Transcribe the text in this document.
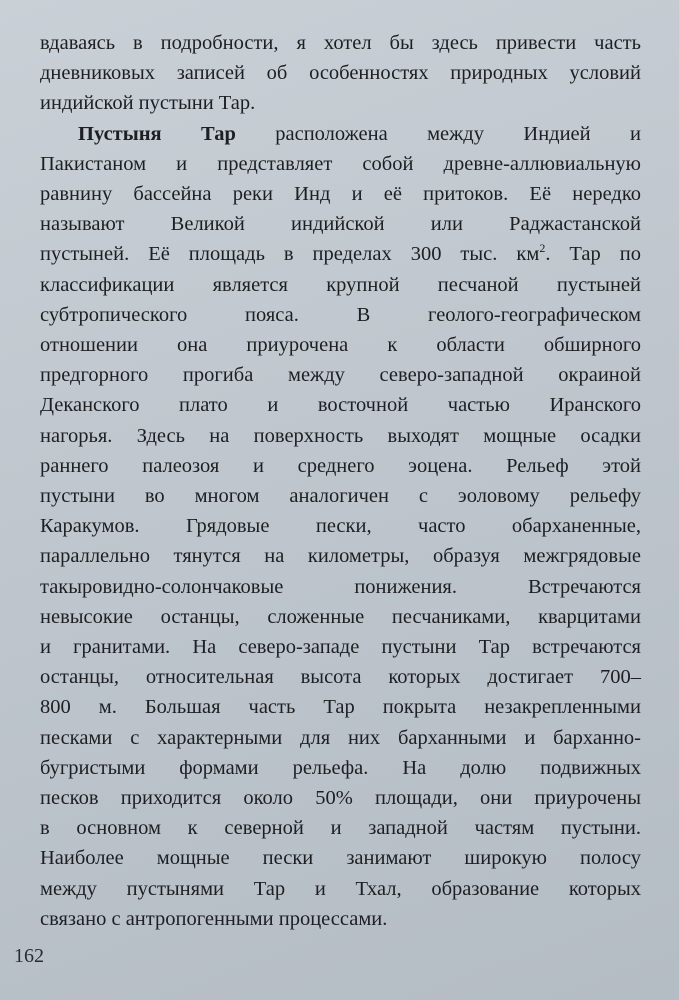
вдаваясь в подробности, я хотел бы здесь привести часть
дневниковых записей об особенностях природных условий
индийской пустыни Тар.
Пустыня Тар расположена между Индией и
Пакистаном и представляет собой древне-аллювиальную
равнину бассейна реки Инд и её притоков. Её нередко
называют Великой индийской или Раджастанской
пустыней. Её площадь в пределах 300 тыс. $км^2$. Тар по
классификации является крупной песчаной пустыней
субтропического пояса. В геолого-географическом
отношении она приурочена к области обширного
предгорного прогиба между северо-западной окраиной
Деканского плато и восточной частью Иранского
нагорья. Здесь на поверхность выходят мощные осадки
раннего палеозоя и среднего эоцена. Рельеф этой
пустыни во многом аналогичен с эоловому рельефу
Каракумов. Грядовые пески, часто обарханенные,
параллельно тянутся на километры, образуя межгрядовые
такыровидно-солончаковые понижения. Встречаются
невысокие останцы, сложенные песчаниками, кварцитами
и гранитами. На северо-западе пустыни Тар встречаются
останцы, относительная высота которых достигает 700–
800 м. Большая часть Тар покрыта незакрепленными
песками с характерными для них барханными и барханно-
бугристыми формами рельефа. На долю подвижных
песков приходится около 50% площади, они приурочены
в основном к северной и западной частям пустыни.
Наиболее мощные пески занимают широкую полосу
между пустынями Тар и Тхал, образование которых
связано с антропогенными процессами.
162
